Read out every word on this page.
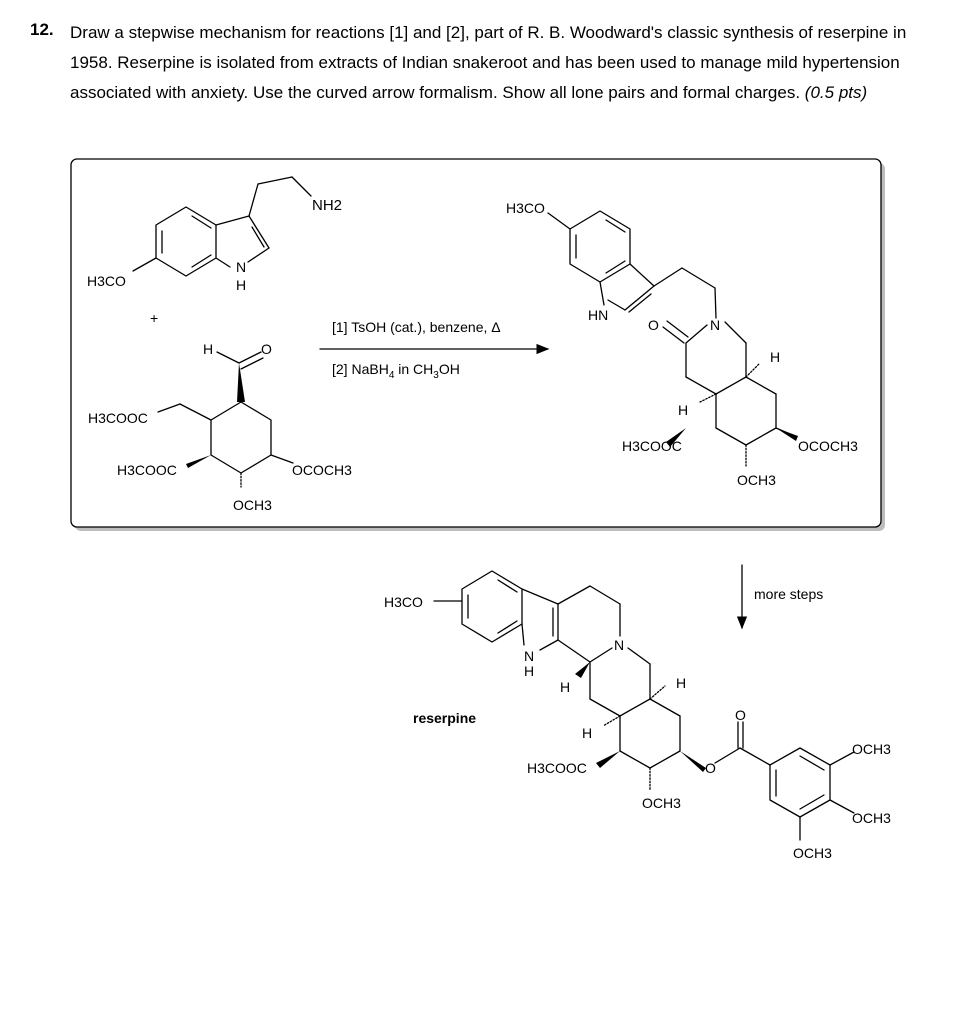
12. Draw a stepwise mechanism for reactions [1] and [2], part of R. B. Woodward's classic synthesis of reserpine in 1958. Reserpine is isolated from extracts of Indian snakeroot and has been used to manage mild hypertension associated with anxiety. Use the curved arrow formalism. Show all lone pairs and formal charges. (0.5 pts)
NH2
H3CO
N
H
+
H	O
H3COOC
H3COOC	OCOCH3
OCH3
[1] TsOH (cat.), benzene, Δ
[2] NaBH$_4$ in $CH_3OH$
H3CO
HN
O	N
H
H
H3COOC	OCOCH3
OCH3
more steps
H3CO
N
H
N
H	H
H
reserpine
H3COOC	O
O
OCH3
OCH3
OCH3
OCH3
